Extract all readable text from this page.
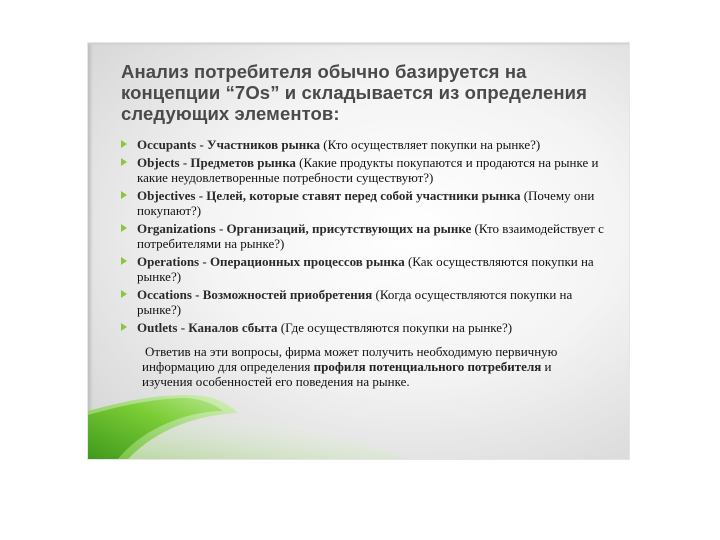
Анализ потребителя обычно базируется на концепции “7Os” и складывается из определения следующих элементов:
Occupants - Участников рынка (Кто осуществляет покупки на рынке?)
Objects - Предметов рынка (Какие продукты покупаются и продаются на рынке и какие неудовлетворенные потребности существуют?)
Objectives - Целей, которые ставят перед собой участники рынка (Почему они покупают?)
Organizations - Организаций, присутствующих на рынке (Кто взаимодействует с потребителями на рынке?)
Operations - Операционных процессов рынка (Как осуществляются покупки на рынке?)
Occations - Возможностей приобретения (Когда осуществляются покупки на рынке?)
Outlets - Каналов сбыта (Где осуществляются покупки на рынке?)

Ответив на эти вопросы, фирма может получить необходимую первичную информацию для определения профиля потенциального потребителя и изучения особенностей его поведения на рынке.
